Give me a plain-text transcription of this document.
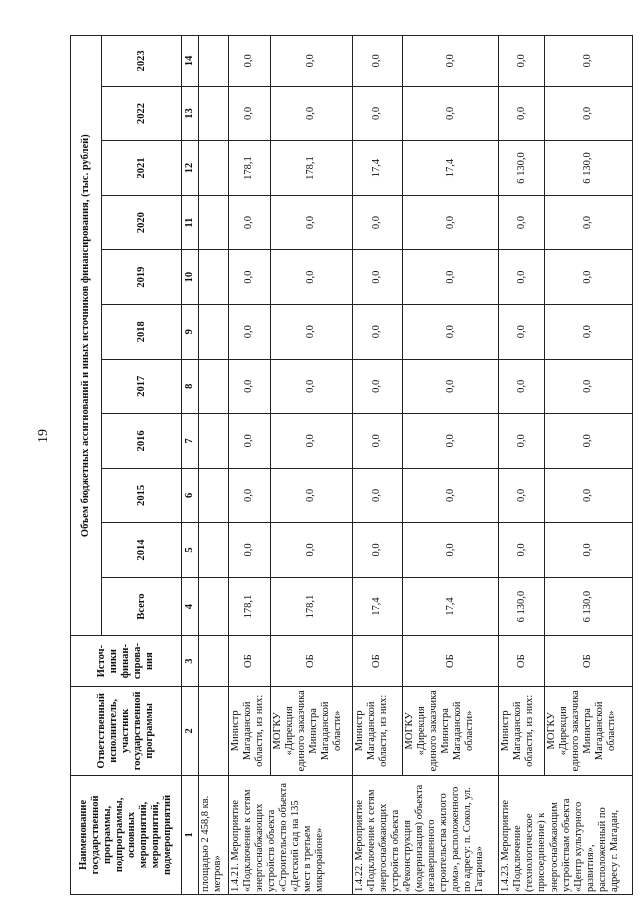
19
Наименование государственной программы, подпрограммы, основных мероприятий, мероприятий, подмероприятий	Ответственный исполнитель, участник государственной программы	Источ-ники финан-сирова-ния	Объем бюджетных ассигнований и иных источников финансирования, (тыс. рублей)										
			Всего	2014	2015	2016	2017	2018	2019	2020	2021	2022	2023
1	2	3	4	5	6	7	8	9	10	11	12	13	14
площадью 2 458,8 кв. метров»													
1.4.21. Мероприятие «Подключение к сетям энергоснабжающих устройств объекта «Строительство объекта «Детский сад на 135 мест в третьем микрорайоне»	Министр Магаданской области, из них:	ОБ	178,1	0,0	0,0	0,0	0,0	0,0	0,0	0,0	178,1	0,0	0,0
	МОГКУ «Дирекция единого заказчика Министра Магаданской области»	ОБ	178,1	0,0	0,0	0,0	0,0	0,0	0,0	0,0	178,1	0,0	0,0
1.4.22. Мероприятие «Подключение к сетям энергоснабжающих устройств объекта «Реконструкция (модернизация) объекта незавершенного строительства жилого дома», расположенного по адресу: п. Сокол, ул. Гагарина»	Министр Магаданской области, из них:	ОБ	17,4	0,0	0,0	0,0	0,0	0,0	0,0	0,0	17,4	0,0	0,0
	МОГКУ «Дирекция единого заказчика Министра Магаданской области»	ОБ	17,4	0,0	0,0	0,0	0,0	0,0	0,0	0,0	17,4	0,0	0,0
1.4.23. Мероприятие «Подключение (технологическое присоединение) к энергоснабжающим устройствам объекта «Центр культурного развития», расположенный по адресу г. Магадан,	Министр Магаданской области, из них:	ОБ	6 130,0	0,0	0,0	0,0	0,0	0,0	0,0	0,0	6 130,0	0,0	0,0
	МОГКУ «Дирекция единого заказчика Министра Магаданской области»	ОБ	6 130,0	0,0	0,0	0,0	0,0	0,0	0,0	0,0	6 130,0	0,0	0,0
